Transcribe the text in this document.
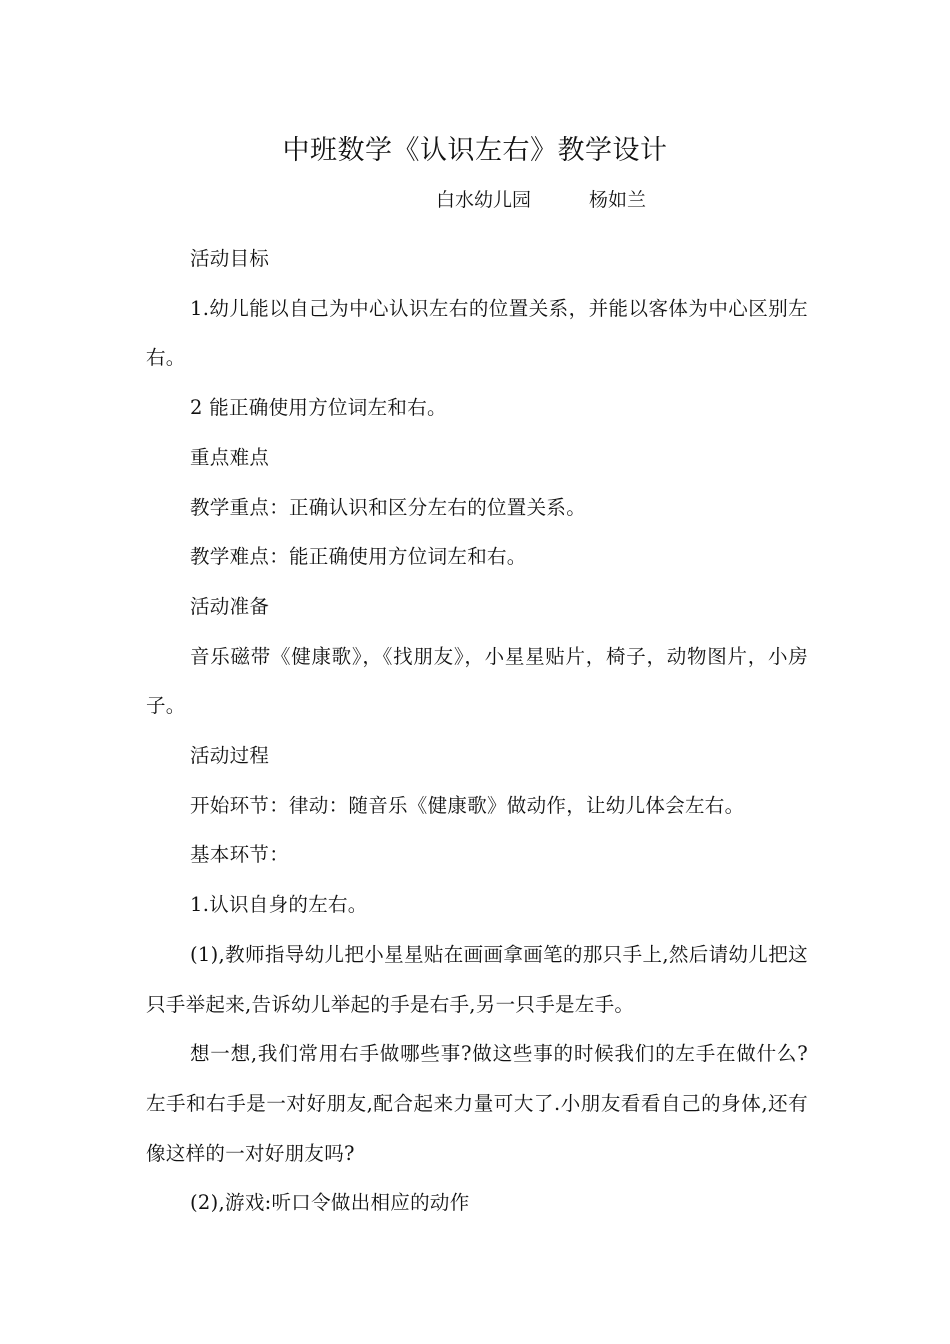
中班数学《认识左右》教学设计
白水幼儿园	杨如兰

活动目标

1.幼儿能以自己为中心认识左右的位置关系，并能以客体为中心区别左右。

2 能正确使用方位词左和右。

重点难点

教学重点：正确认识和区分左右的位置关系。

教学难点：能正确使用方位词左和右。

活动准备

音乐磁带《健康歌》，《找朋友》，小星星贴片，椅子，动物图片，小房子。

活动过程

开始环节：律动：随音乐《健康歌》做动作，让幼儿体会左右。

基本环节：

1.认识自身的左右。

(1),教师指导幼儿把小星星贴在画画拿画笔的那只手上,然后请幼儿把这只手举起来,告诉幼儿举起的手是右手,另一只手是左手。

想一想,我们常用右手做哪些事?做这些事的时候我们的左手在做什么?左手和右手是一对好朋友,配合起来力量可大了.小朋友看看自己的身体,还有像这样的一对好朋友吗?

(2),游戏:听口令做出相应的动作
